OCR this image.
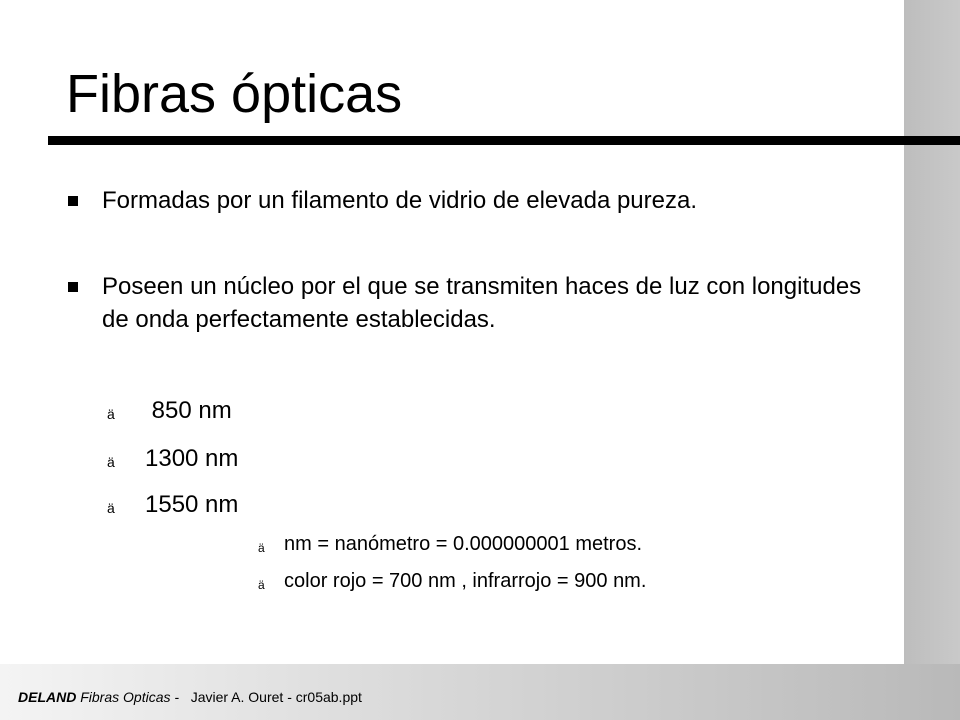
Fibras ópticas
Formadas por un filamento de vidrio de elevada pureza.
Poseen un núcleo por el que se transmiten haces de luz con longitudes de onda perfectamente establecidas.
ä 850 nm
ä 1300 nm
ä 1550 nm
ä nm = nanómetro = 0.000000001 metros.
ä color rojo = 700 nm , infrarrojo = 900 nm.
DELAND Fibras Opticas -   Javier A. Ouret - cr05ab.ppt
